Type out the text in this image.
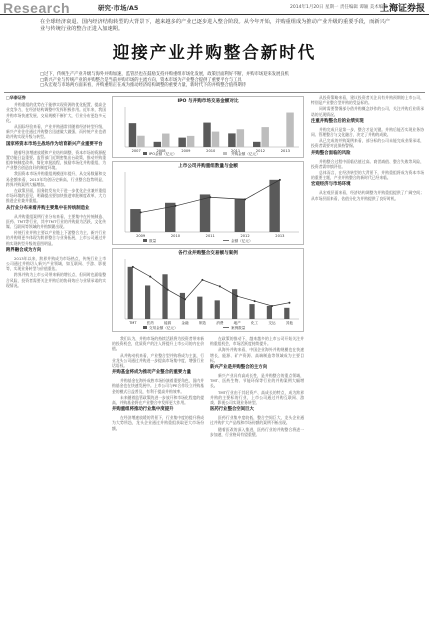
Research	研究·市场/A5	2014年1月20日 星期一 责任编辑 谭颖 美术编辑 张红
上海证券报
在全球经济衰退、国内经济结构转型的大背景下，越来越多的产业已逐步进入整合阶段。从今年开始，并购重组成为推动产业升级的重要手段，而新兴产业与传统行业的整合正进入加速期。
迎接产业并购整合新时代
□过下，传统生产产业升级与海外并购加速，监管层也在鼓励支持并购重组市场化发展，政策层面利好不断，并购市场迎来发展良机
□新兴产业与传统产业的并购整合是当前并购市场的主流方向，资本市场为产业整合提供了重要平台与工具
□从宏观与市场两方面来看，并购重组正在成为推动经济结构调整的重要力量，新时代下的并购整合值得期待
□华泰证券
并购重组的优势在于能够实现资源的优化配置，提高企业竞争力，在经济结构调整中发挥积极作用。近年来，我国并购市场快速发展，交易规模不断扩大，行业分布更趋多元化。
从国际经验来看，产业并购通常伴随着经济转型升级，新兴产业往往通过并购整合迅速做大做强，而传统产业也借助并购实现升级与转型。
国家将资本市场主战场作为培育新兴产业重要平台
随着经济增速放缓和产业结构调整，资本市场的资源配置功能日益重要。监管部门近期密集出台政策，推动并购重组审核制度改革，简化审批流程，鼓励市场化并购重组，为产业整合创造良好的制度环境。
我国资本市场并购重组规模逐年提升，从交易数量和交易金额来看，2013年均创历史新高，行业整合趋势明显，跨界并购案例大幅增加。
在政策层面，国务院发布关于进一步优化企业兼并重组市场环境的意见，明确提出要加快推进审批制度改革，大力推进企业兼并重组。
从行业分布来看并购主要集中在传统制造业
从并购重组案例行业分布来看，主要集中在传统制造、医药、TMT等行业，其中TMT行业的并购最为活跃，文化传媒、互联网等领域的并购频繁出现。
传统行业并购主要以产业链上下游整合为主，新兴行业的并购则更多体现为跨界整合与业务拓展，上市公司通过并购实现转型升级的意图明显。
跨界融合成为方向
2013年以来，跨界并购成为市场热点，传统行业上市公司通过并购切入新兴产业领域，如互联网、手游、影视等，实现业务转型与价值重估。
跨界并购为上市公司带来新的增长点，但同时也面临整合风险，投资者需要关注并购后的协同效应与业绩承诺的实现情况。
IPO 与并购市场交易金额对比
2007	2008	2009	2010	2011	2012	2013
IPO金额（亿元）	并购金额（亿元）
上市公司并购重组数量与金额
2009	2010	2011	2012	2013
数量	金额（亿元）
各行业并购整合交易额与案例
TMT	医药	能源	金融	制造	消费	地产	化工	交运	其他
交易金额（亿元）	案例数量
我们认为，并购市场的持续活跃将为投资者带来新的投资机会，优质资产的注入将提升上市公司的内在价值。
从并购动机来看，产业整合型并购将成为主流，行业龙头公司通过并购进一步提高市场集中度，增强行业话语权。
并购基金将成为推动产业整合的重要力量
并购基金在海外成熟市场扮演着重要角色，国内并购基金也在快速发展中。上市公司与PE合作设立并购基金的模式日益普及，有利于提高并购效率。
未来随着监管政策的进一步放开和市场化程度的提高，并购基金将在产业整合中发挥更大作用。
并购重组将推动行业集中度提升
在经济增速放缓的背景下，行业集中度的提升将成为大势所趋，龙头企业通过并购重组获取更大市场份额。
在政策的推动下，越来越多的上市公司开始关注并购重组机会，市场活跃度持续提升。
从海外并购来看，中国企业海外并购规模也在快速增长，能源、矿产资源、高端制造等领域成为主要目标。
新兴产业是并购整合的主方向
新兴产业具有高成长性，是并购整合的重点领域，TMT、医药生物、节能环保等行业的并购案例大幅增长。
TMT行业由于其轻资产、高成长的特点，成为跨界并购的主要标的行业，上市公司通过并购互联网、游戏、影视公司实现业务转型。
医药行业整合空间巨大
医药行业集中度较低，整合空间巨大，龙头企业通过并购扩大产品线和市场份额的案例不断出现。
随着医改的深入推进，医药行业的并购整合将进一步加速，行业格局有望重塑。
从投资策略来看，建议投资者关注具有并购预期的上市公司，特别是产业整合型并购的受益标的。
同时需要警惕部分借并购概念炒作的公司，关注并购后业绩承诺的兑现情况。
注重并购整合后的业绩实现
并购完成只是第一步，整合才是关键。并购后能否实现业务协同、管理整合与文化融合，决定了并购的成败。
从已完成的并购案例来看，部分标的公司未能完成业绩承诺，投资者需要对此保持警惕。
并购整合面临的风险
并购整合过程中面临估值过高、商誉减值、整合失败等风险，投资者需审慎评估。
总体而言，在经济转型的大背景下，并购重组将成为资本市场的重要主题，产业并购整合的新时代已经来临。
宏观经济与市场环境
从宏观层面来看，经济结构调整为并购重组提供了广阔空间；从市场层面来看，估值分化为并购提供了良好时机。
